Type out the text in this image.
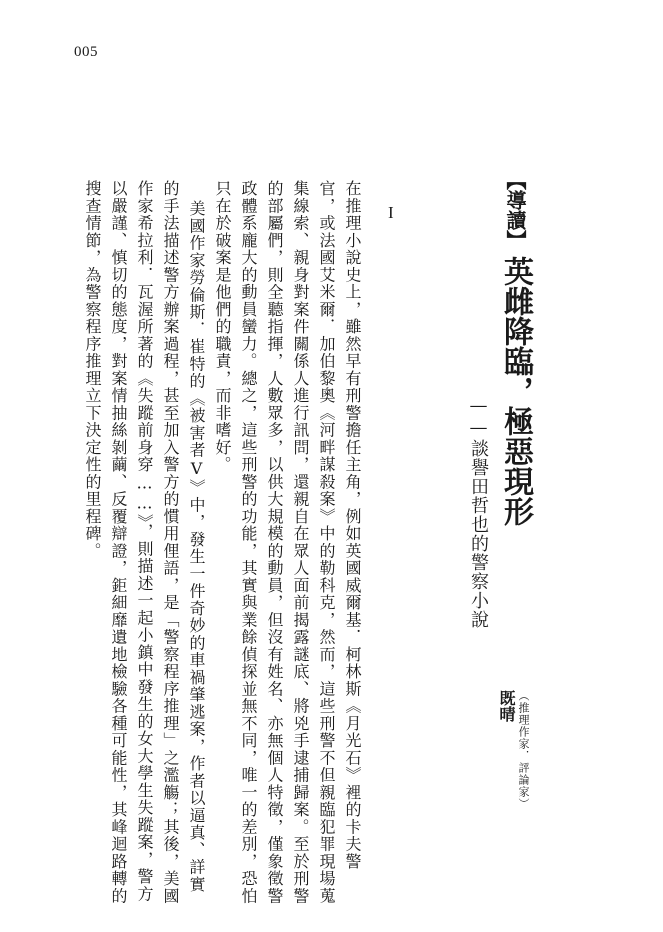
005
【導讀】英雌降臨，極惡現形
——談譽田哲也的警察小說
I
既晴 （推理作家．評論家）
在推理小說史上，雖然早有刑警擔任主角，例如英國威爾基．柯林斯《月光石》裡的卡夫警
官，或法國艾米爾．加伯黎奧《河畔謀殺案》中的勒科克，然而，這些刑警不但親臨犯罪現場蒐
集線索、親身對案件關係人進行訊問，還親自在眾人面前揭露謎底、將兇手逮捕歸案。至於刑警
的部屬們，則全聽指揮，人數眾多，以供大規模的動員，但沒有姓名、亦無個人特徵，僅象徵警
政體系龐大的動員蠻力。總之，這些刑警的功能，其實與業餘偵探並無不同，唯一的差別，恐怕
只在於破案是他們的職責，而非嗜好。
美國作家勞倫斯．崔特的《被害者V》中，發生一件奇妙的車禍肇逃案，作者以逼真、詳實
的手法描述警方辦案過程，甚至加入警方的慣用俚語，是「警察程序推理」之濫觴；其後，美國
作家希拉利．瓦渥所著的《失蹤前身穿……》，則描述一起小鎮中發生的女大學生失蹤案，警方
以嚴謹、慎切的態度，對案情抽絲剝繭、反覆辯證，鉅細靡遺地檢驗各種可能性，其峰迴路轉的
搜查情節，為警察程序推理立下決定性的里程碑。
